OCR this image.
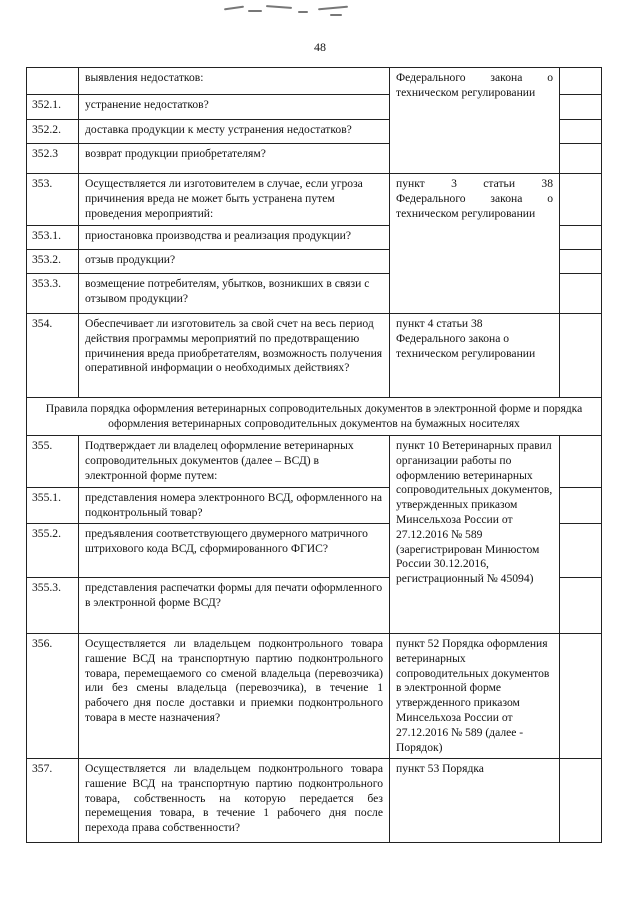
48
	выявления недостатков:	Федерального закона о техническом регулировании	
352.1.	устранение недостатков?		
352.2.	доставка продукции к месту устранения недостатков?		
352.3	возврат продукции приобретателям?		
353.	Осуществляется ли изготовителем в случае, если угроза причинения вреда не может быть устранена путем проведения мероприятий:	пункт 3 статьи 38 Федерального закона о техническом регулировании	
353.1.	приостановка производства и реализация продукции?		
353.2.	отзыв продукции?		
353.3.	возмещение потребителям, убытков, возникших в связи с отзывом продукции?		
354.	Обеспечивает ли изготовитель за свой счет на весь период действия программы мероприятий по предотвращению причинения вреда приобретателям, возможность получения оперативной информации о необходимых действиях?	пункт 4 статьи 38 Федерального закона о техническом регулировании	
Правила порядка оформления ветеринарных сопроводительных документов в электронной форме и порядка оформления ветеринарных сопроводительных документов на бумажных носителях			
355.	Подтверждает ли владелец оформление ветеринарных сопроводительных документов (далее – ВСД) в электронной форме путем:	пункт 10 Ветеринарных правил организации работы по оформлению ветеринарных сопроводительных документов, утвержденных приказом Минсельхоза России от 27.12.2016 № 589 (зарегистрирован Минюстом России 30.12.2016, регистрационный № 45094)	
355.1.	представления номера электронного ВСД, оформленного на подконтрольный товар?		
355.2.	предъявления соответствующего двумерного матричного штрихового кода ВСД, сформированного ФГИС?		
355.3.	представления распечатки формы для печати оформленного в электронной форме ВСД?		
356.	Осуществляется ли владельцем подконтрольного товара гашение ВСД на транспортную партию подконтрольного товара, перемещаемого со сменой владельца (перевозчика) или без смены владельца (перевозчика), в течение 1 рабочего дня после доставки и приемки подконтрольного товара в месте назначения?	пункт 52 Порядка оформления ветеринарных сопроводительных документов в электронной форме утвержденного приказом Минсельхоза России от 27.12.2016 № 589 (далее - Порядок)	
357.	Осуществляется ли владельцем подконтрольного товара гашение ВСД на транспортную партию подконтрольного товара, собственность на которую передается без перемещения товара, в течение 1 рабочего дня после перехода права собственности?	пункт 53 Порядка	
